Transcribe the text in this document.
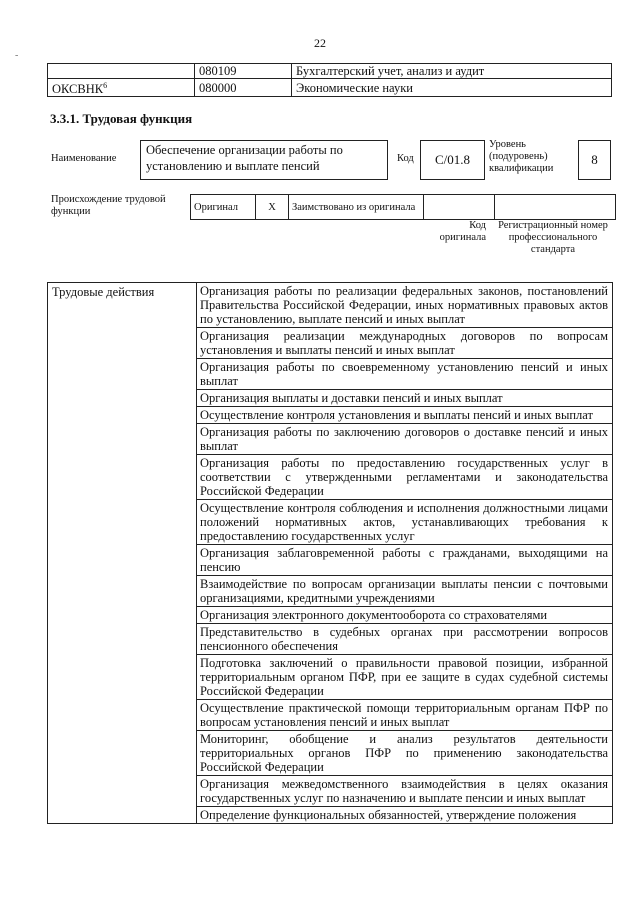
22
-
	080109	Бухгалтерский учет, анализ и аудит
ОКСВНК$^6$	080000	Экономические науки
3.3.1. Трудовая функция
Наименование
Обеспечение организации работы по установлению и выплате пенсий
Код	С/01.8
Уровень (подуровень) квалификации
8
Происхождение трудовой функции	Оригинал	X	Заимствовано из оригинала		
Код оригинала
Регистрационный номер профессионального стандарта
Трудовые действия	Организация работы по реализации федеральных законов, постановлений Правительства Российской Федерации, иных нормативных правовых актов по установлению, выплате пенсий и иных выплат
Организация реализации международных договоров по вопросам установления и выплаты пенсий и иных выплат
Организация работы по своевременному установлению пенсий и иных выплат
Организация выплаты и доставки пенсий и иных выплат
Осуществление контроля установления и выплаты пенсий и иных выплат
Организация работы по заключению договоров о доставке пенсий и иных выплат
Организация работы по предоставлению государственных услуг в соответствии с утвержденными регламентами и законодательства Российской Федерации
Осуществление контроля соблюдения и исполнения должностными лицами положений нормативных актов, устанавливающих требования к предоставлению государственных услуг
Организация заблаговременной работы с гражданами, выходящими на пенсию
Взаимодействие по вопросам организации выплаты пенсии с почтовыми организациями, кредитными учреждениями
Организация электронного документооборота со страхователями
Представительство в судебных органах при рассмотрении вопросов пенсионного обеспечения
Подготовка заключений о правильности правовой позиции, избранной территориальным органом ПФР, при ее защите в судах судебной системы Российской Федерации
Осуществление практической помощи территориальным органам ПФР по вопросам установления пенсий и иных выплат
Мониторинг, обобщение и анализ результатов деятельности территориальных органов ПФР по применению законодательства Российской Федерации
Организация межведомственного взаимодействия в целях оказания государственных услуг по назначению и выплате пенсии и иных выплат
Определение функциональных обязанностей, утверждение положения
